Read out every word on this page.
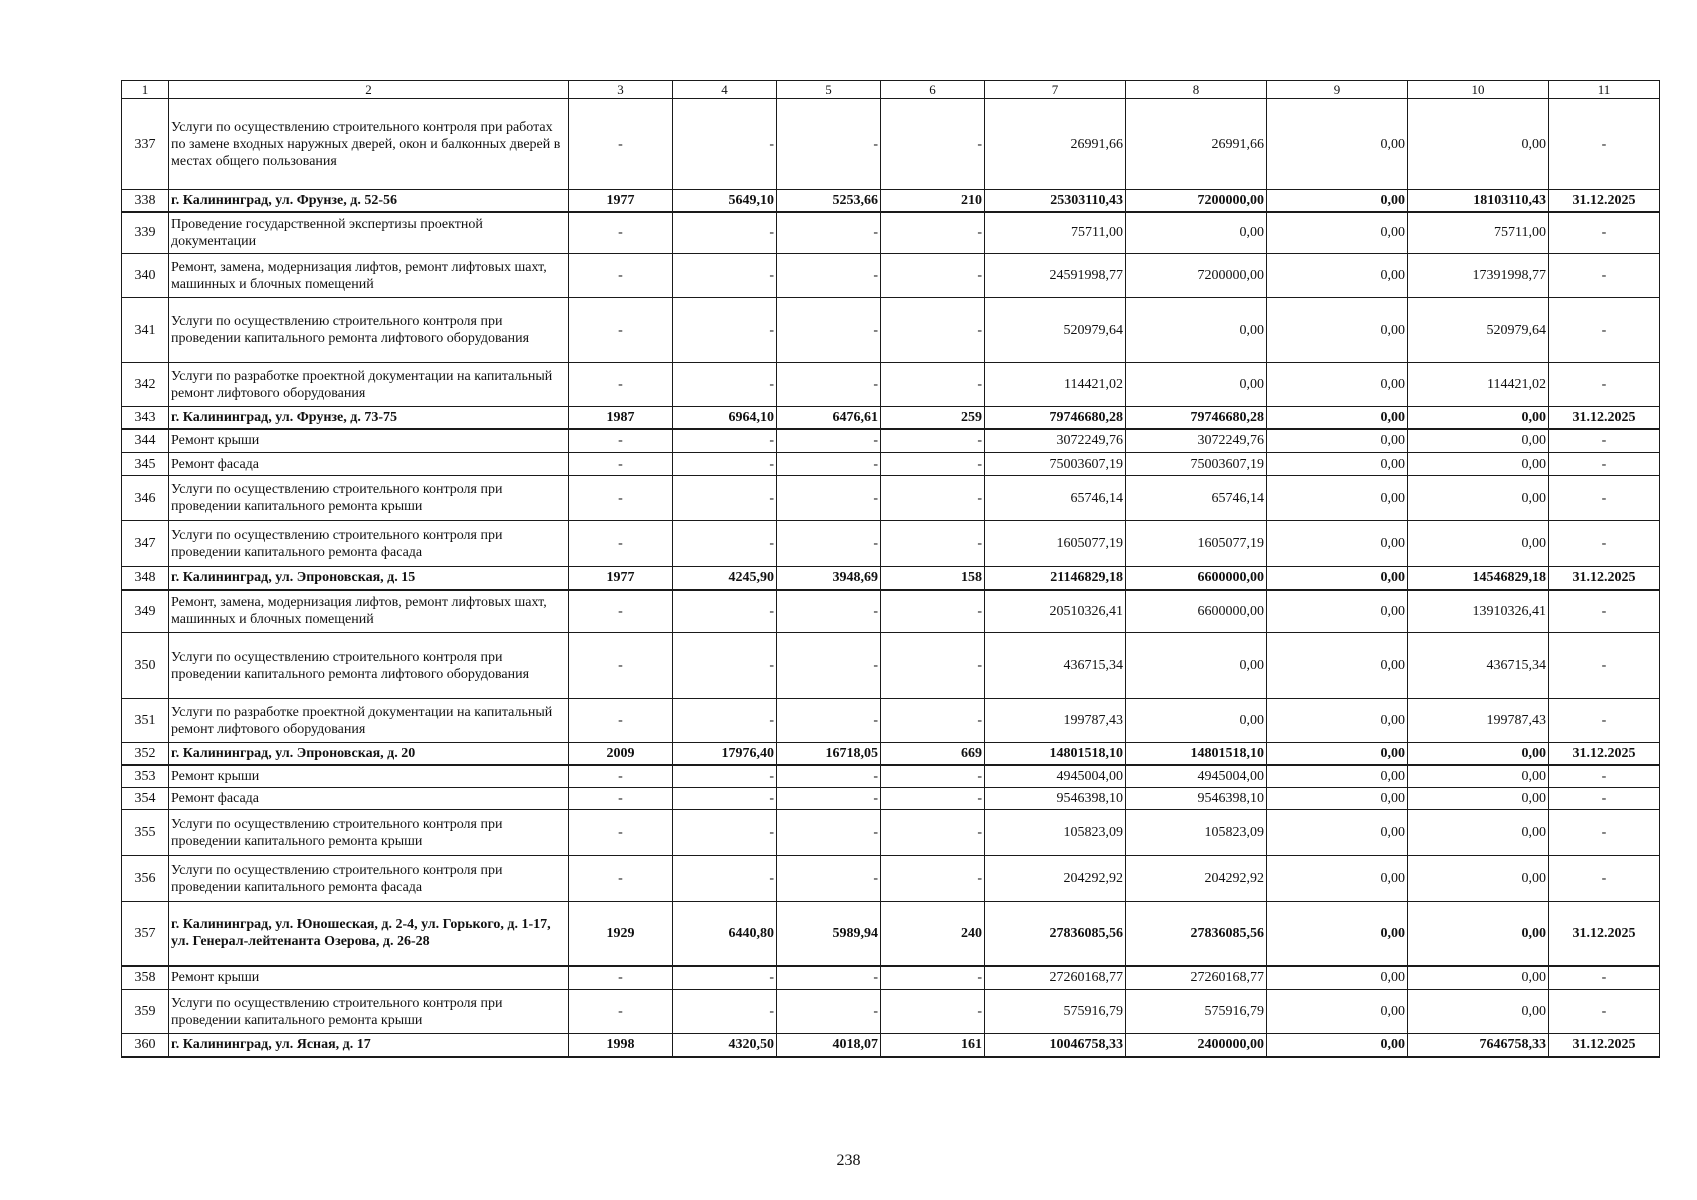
1	2	3	4	5	6	7	8	9	10	11
337	Услуги по осуществлению строительного контроля при работах по замене входных наружных дверей, окон и балконных дверей в местах общего пользования	-	-	-	-	26991,66	26991,66	0,00	0,00	-
338	г. Калининград, ул. Фрунзе, д. 52-56	1977	5649,10	5253,66	210	25303110,43	7200000,00	0,00	18103110,43	31.12.2025
339	Проведение государственной экспертизы проектной документации	-	-	-	-	75711,00	0,00	0,00	75711,00	-
340	Ремонт, замена, модернизация лифтов, ремонт лифтовых шахт, машинных и блочных помещений	-	-	-	-	24591998,77	7200000,00	0,00	17391998,77	-
341	Услуги по осуществлению строительного контроля при проведении капитального ремонта лифтового оборудования	-	-	-	-	520979,64	0,00	0,00	520979,64	-
342	Услуги по разработке проектной документации на капитальный ремонт лифтового оборудования	-	-	-	-	114421,02	0,00	0,00	114421,02	-
343	г. Калининград, ул. Фрунзе, д. 73-75	1987	6964,10	6476,61	259	79746680,28	79746680,28	0,00	0,00	31.12.2025
344	Ремонт крыши	-	-	-	-	3072249,76	3072249,76	0,00	0,00	-
345	Ремонт фасада	-	-	-	-	75003607,19	75003607,19	0,00	0,00	-
346	Услуги по осуществлению строительного контроля при проведении капитального ремонта крыши	-	-	-	-	65746,14	65746,14	0,00	0,00	-
347	Услуги по осуществлению строительного контроля при проведении капитального ремонта фасада	-	-	-	-	1605077,19	1605077,19	0,00	0,00	-
348	г. Калининград, ул. Эпроновская, д. 15	1977	4245,90	3948,69	158	21146829,18	6600000,00	0,00	14546829,18	31.12.2025
349	Ремонт, замена, модернизация лифтов, ремонт лифтовых шахт, машинных и блочных помещений	-	-	-	-	20510326,41	6600000,00	0,00	13910326,41	-
350	Услуги по осуществлению строительного контроля при проведении капитального ремонта лифтового оборудования	-	-	-	-	436715,34	0,00	0,00	436715,34	-
351	Услуги по разработке проектной документации на капитальный ремонт лифтового оборудования	-	-	-	-	199787,43	0,00	0,00	199787,43	-
352	г. Калининград, ул. Эпроновская, д. 20	2009	17976,40	16718,05	669	14801518,10	14801518,10	0,00	0,00	31.12.2025
353	Ремонт крыши	-	-	-	-	4945004,00	4945004,00	0,00	0,00	-
354	Ремонт фасада	-	-	-	-	9546398,10	9546398,10	0,00	0,00	-
355	Услуги по осуществлению строительного контроля при проведении капитального ремонта крыши	-	-	-	-	105823,09	105823,09	0,00	0,00	-
356	Услуги по осуществлению строительного контроля при проведении капитального ремонта фасада	-	-	-	-	204292,92	204292,92	0,00	0,00	-
357	г. Калининград, ул. Юношеская, д. 2-4, ул. Горького, д. 1-17, ул. Генерал-лейтенанта Озерова, д. 26-28	1929	6440,80	5989,94	240	27836085,56	27836085,56	0,00	0,00	31.12.2025
358	Ремонт крыши	-	-	-	-	27260168,77	27260168,77	0,00	0,00	-
359	Услуги по осуществлению строительного контроля при проведении капитального ремонта крыши	-	-	-	-	575916,79	575916,79	0,00	0,00	-
360	г. Калининград, ул. Ясная, д. 17	1998	4320,50	4018,07	161	10046758,33	2400000,00	0,00	7646758,33	31.12.2025
238
